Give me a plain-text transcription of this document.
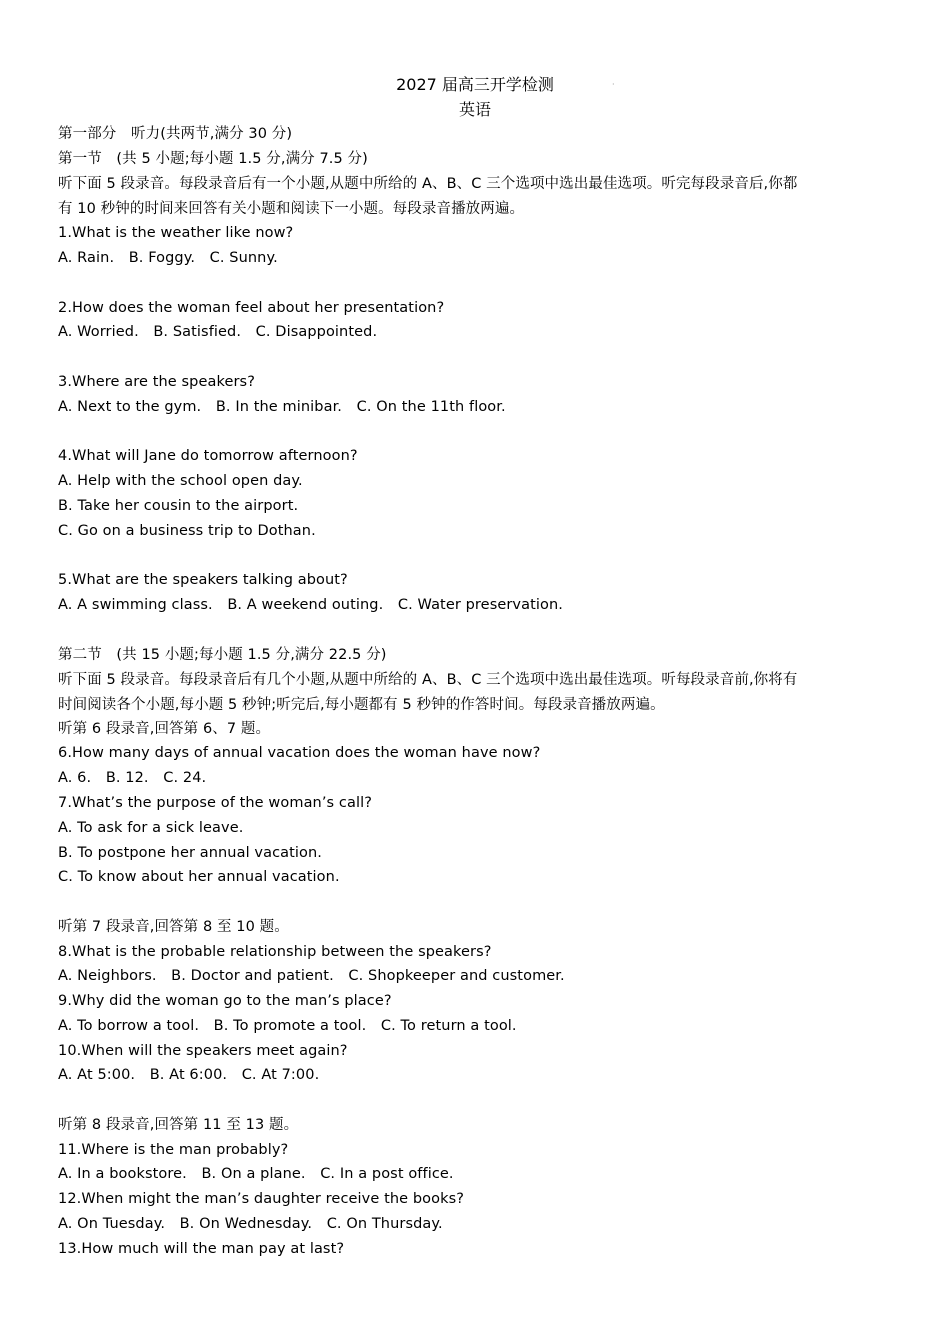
2027 届高三开学检测
英语
·
第一部分　听力(共两节,满分 30 分)
第一节　(共 5 小题;每小题 1.5 分,满分 7.5 分)
听下面 5 段录音。每段录音后有一个小题,从题中所给的 A、B、C 三个选项中选出最佳选项。听完每段录音后,你都
有 10 秒钟的时间来回答有关小题和阅读下一小题。每段录音播放两遍。
1.What is the weather like now?
A. Rain.　B. Foggy.　C. Sunny.
2.How does the woman feel about her presentation?
A. Worried.　B. Satisfied.　C. Disappointed.
3.Where are the speakers?
A. Next to the gym.　B. In the minibar.　C. On the 11th floor.
4.What will Jane do tomorrow afternoon?
A. Help with the school open day.
B. Take her cousin to the airport.
C. Go on a business trip to Dothan.
5.What are the speakers talking about?
A. A swimming class.　B. A weekend outing.　C. Water preservation.
第二节　(共 15 小题;每小题 1.5 分,满分 22.5 分)
听下面 5 段录音。每段录音后有几个小题,从题中所给的 A、B、C 三个选项中选出最佳选项。听每段录音前,你将有
时间阅读各个小题,每小题 5 秒钟;听完后,每小题都有 5 秒钟的作答时间。每段录音播放两遍。
听第 6 段录音,回答第 6、7 题。
6.How many days of annual vacation does the woman have now?
A. 6.　B. 12.　C. 24.
7.What’s the purpose of the woman’s call?
A. To ask for a sick leave.
B. To postpone her annual vacation.
C. To know about her annual vacation.
听第 7 段录音,回答第 8 至 10 题。
8.What is the probable relationship between the speakers?
A. Neighbors.　B. Doctor and patient.　C. Shopkeeper and customer.
9.Why did the woman go to the man’s place?
A. To borrow a tool.　B. To promote a tool.　C. To return a tool.
10.When will the speakers meet again?
A. At 5:00.　B. At 6:00.　C. At 7:00.
听第 8 段录音,回答第 11 至 13 题。
11.Where is the man probably?
A. In a bookstore.　B. On a plane.　C. In a post office.
12.When might the man’s daughter receive the books?
A. On Tuesday.　B. On Wednesday.　C. On Thursday.
13.How much will the man pay at last?
